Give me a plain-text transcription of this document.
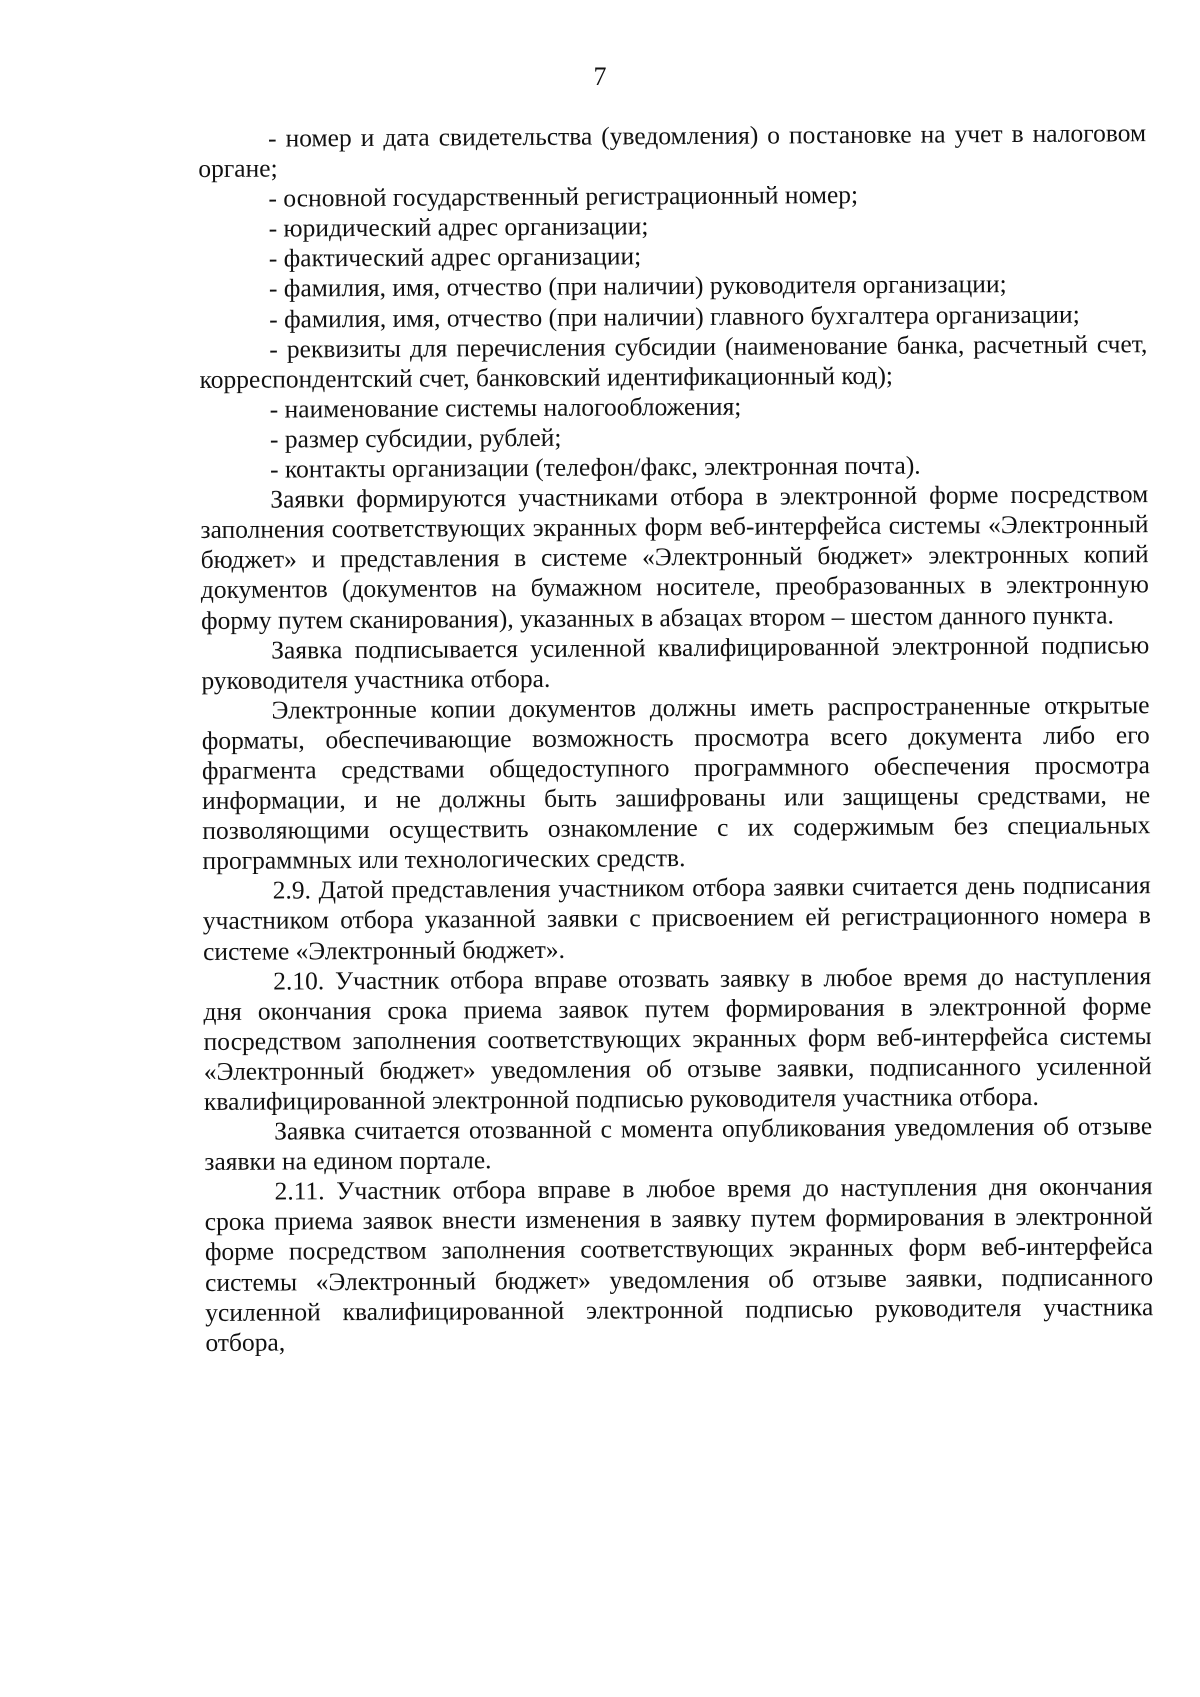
7

- номер и дата свидетельства (уведомления) о постановке на учет в налоговом органе;

- основной государственный регистрационный номер;

- юридический адрес организации;

- фактический адрес организации;

- фамилия, имя, отчество (при наличии) руководителя организации;

- фамилия, имя, отчество (при наличии) главного бухгалтера организации;

- реквизиты для перечисления субсидии (наименование банка, расчетный счет, корреспондентский счет, банковский идентификационный код);

- наименование системы налогообложения;

- размер субсидии, рублей;

- контакты организации (телефон/факс, электронная почта).

Заявки формируются участниками отбора в электронной форме посредством заполнения соответствующих экранных форм веб-интерфейса системы «Электронный бюджет» и представления в системе «Электронный бюджет» электронных копий документов (документов на бумажном носителе, преобразованных в электронную форму путем сканирования), указанных в абзацах втором – шестом данного пункта.

Заявка подписывается усиленной квалифицированной электронной подписью руководителя участника отбора.

Электронные копии документов должны иметь распространенные открытые форматы, обеспечивающие возможность просмотра всего документа либо его фрагмента средствами общедоступного программного обеспечения просмотра информации, и не должны быть зашифрованы или защищены средствами, не позволяющими осуществить ознакомление с их содержимым без специальных программных или технологических средств.

2.9. Датой представления участником отбора заявки считается день подписания участником отбора указанной заявки с присвоением ей регистрационного номера в системе «Электронный бюджет».

2.10. Участник отбора вправе отозвать заявку в любое время до наступления дня окончания срока приема заявок путем формирования в электронной форме посредством заполнения соответствующих экранных форм веб-интерфейса системы «Электронный бюджет» уведомления об отзыве заявки, подписанного усиленной квалифицированной электронной подписью руководителя участника отбора.

Заявка считается отозванной с момента опубликования уведомления об отзыве заявки на едином портале.

2.11. Участник отбора вправе в любое время до наступления дня окончания срока приема заявок внести изменения в заявку путем формирования в электронной форме посредством заполнения соответствующих экранных форм веб-интерфейса системы «Электронный бюджет» уведомления об отзыве заявки, подписанного усиленной квалифицированной электронной подписью руководителя участника отбора,
